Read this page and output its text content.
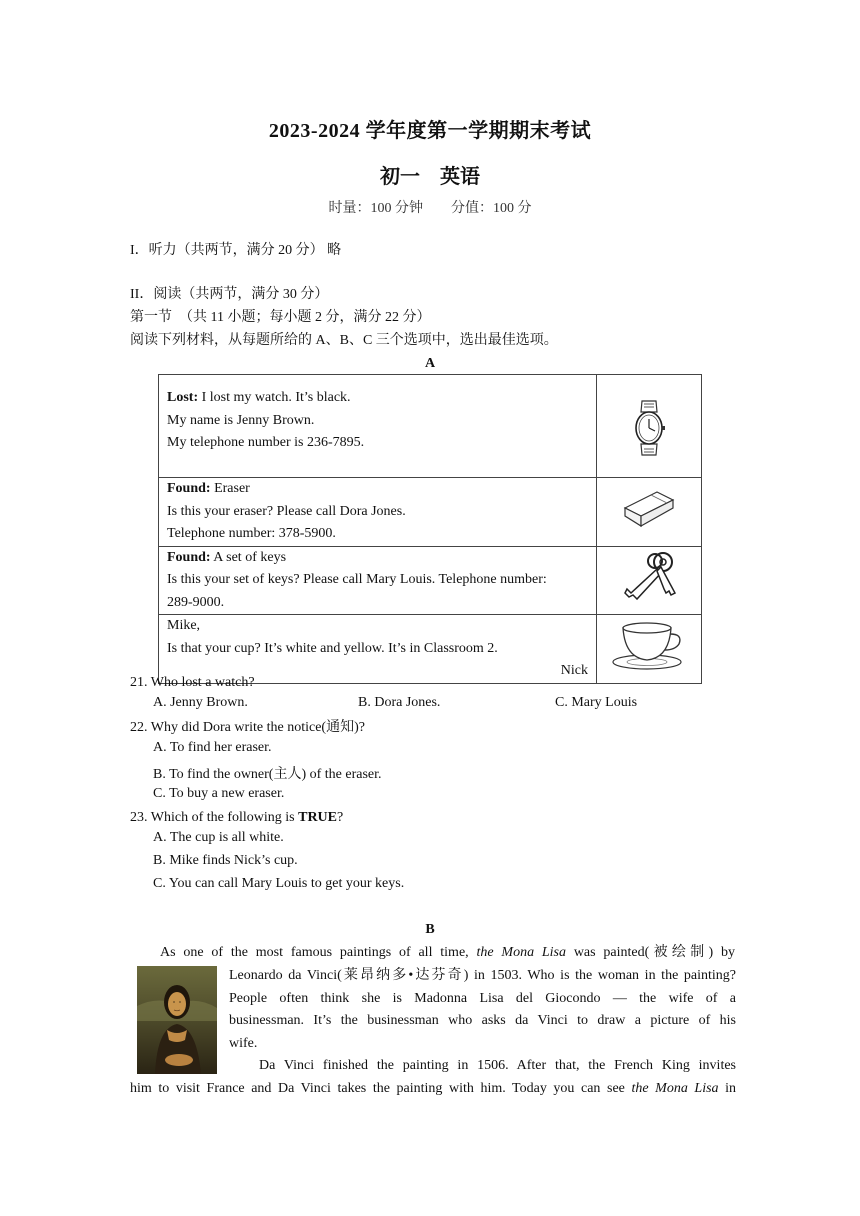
2023-2024 学年度第一学期期末考试
初一　英语
时量：100 分钟　　分值：100 分
I．听力（共两节，满分 20 分） 略
II．阅读（共两节，满分 30 分）
第一节　（共 11 小题；每小题 2 分，满分 22 分）
阅读下列材料，从每题所给的 A、B、C 三个选项中，选出最佳选项。
A
Lost: I lost my watch. It’s black.
My name is Jenny Brown.
My telephone number is 236-7895.	
Found: Eraser
Is this your eraser? Please call Dora Jones.
Telephone number: 378-5900.	
Found: A set of keys
Is this your set of keys? Please call Mary Louis. Telephone number:
289-9000.	
Mike,
Is that your cup? It’s white and yellow. It’s in Classroom 2.
Nick

21. Who lost a watch?
A. Jenny Brown.	B. Dora Jones.	C. Mary Louis
22. Why did Dora write the notice(通知)?
A. To find her eraser.
B. To find the owner(主人) of the eraser.
C. To buy a new eraser.
23. Which of the following is TRUE?
A. The cup is all white.
B. Mike finds Nick’s cup.
C. You can call Mary Louis to get your keys.
B
As one of the most famous paintings of all time, the Mona Lisa was painted(被绘制) by
Leonardo da Vinci(莱昂纳多•达芬奇) in 1503. Who is the woman in the painting?
People often think she is Madonna Lisa del Giocondo — the wife of a
businessman. It’s the businessman who asks da Vinci to draw a picture of his
wife.
Da Vinci finished the painting in 1506. After that, the French King invites
him to visit France and Da Vinci takes the painting with him. Today you can see the Mona Lisa in
